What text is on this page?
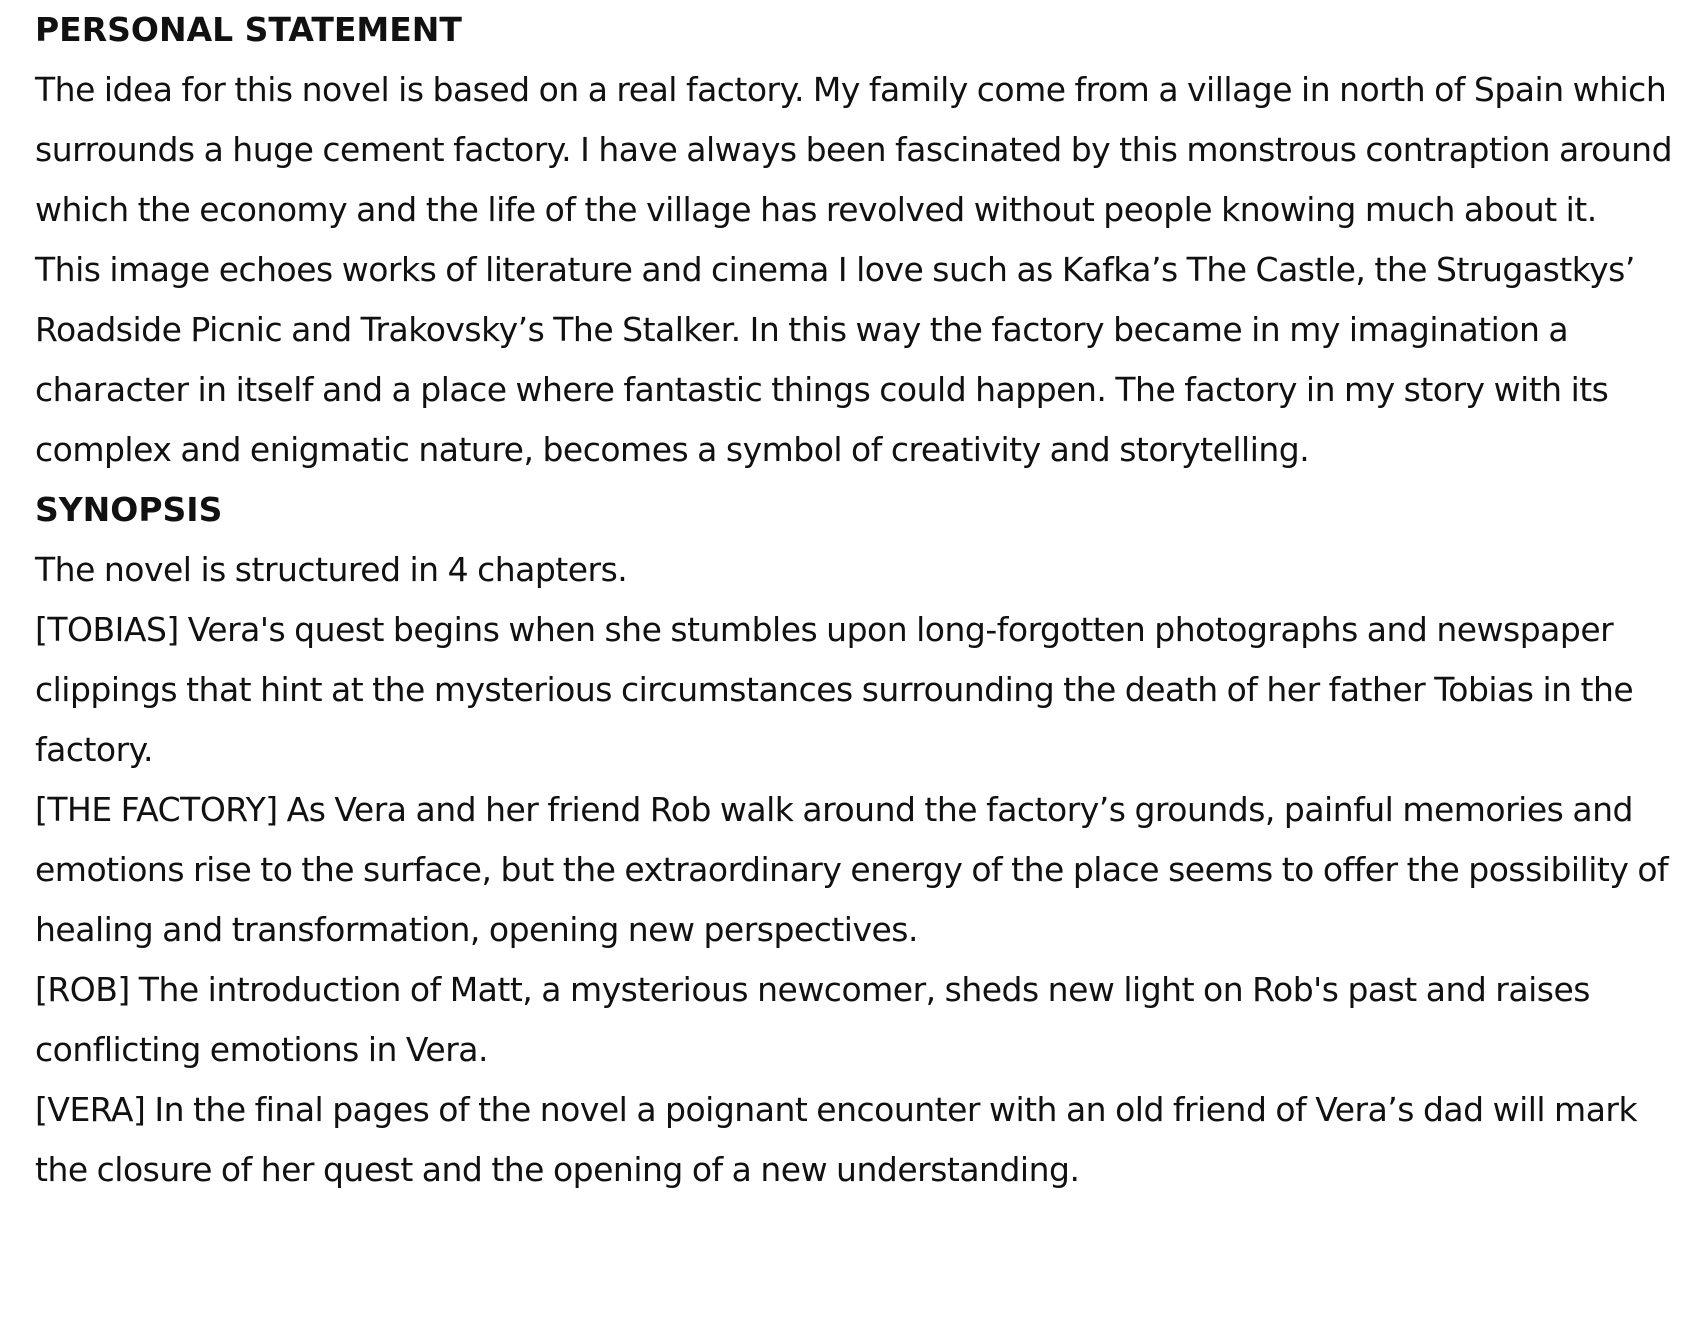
PERSONAL STATEMENT

The idea for this novel is based on a real factory. My family come from a village in north of Spain which surrounds a huge cement factory. I have always been fascinated by this monstrous contraption around which the economy and the life of the village has revolved without people knowing much about it.

This image echoes works of literature and cinema I love such as Kafka’s The Castle, the Strugastkys’ Roadside Picnic and Trakovsky’s The Stalker. In this way the factory became in my imagination a character in itself and a place where fantastic things could happen. The factory in my story with its complex and enigmatic nature, becomes a symbol of creativity and storytelling.

SYNOPSIS

The novel is structured in 4 chapters.

[TOBIAS] Vera's quest begins when she stumbles upon long-forgotten photographs and newspaper clippings that hint at the mysterious circumstances surrounding the death of her father Tobias in the factory.

[THE FACTORY] As Vera and her friend Rob walk around the factory’s grounds, painful memories and emotions rise to the surface, but the extraordinary energy of the place seems to offer the possibility of healing and transformation, opening new perspectives.

[ROB] The introduction of Matt, a mysterious newcomer, sheds new light on Rob's past and raises conflicting emotions in Vera.

[VERA] In the final pages of the novel a poignant encounter with an old friend of Vera’s dad will mark the closure of her quest and the opening of a new understanding.
